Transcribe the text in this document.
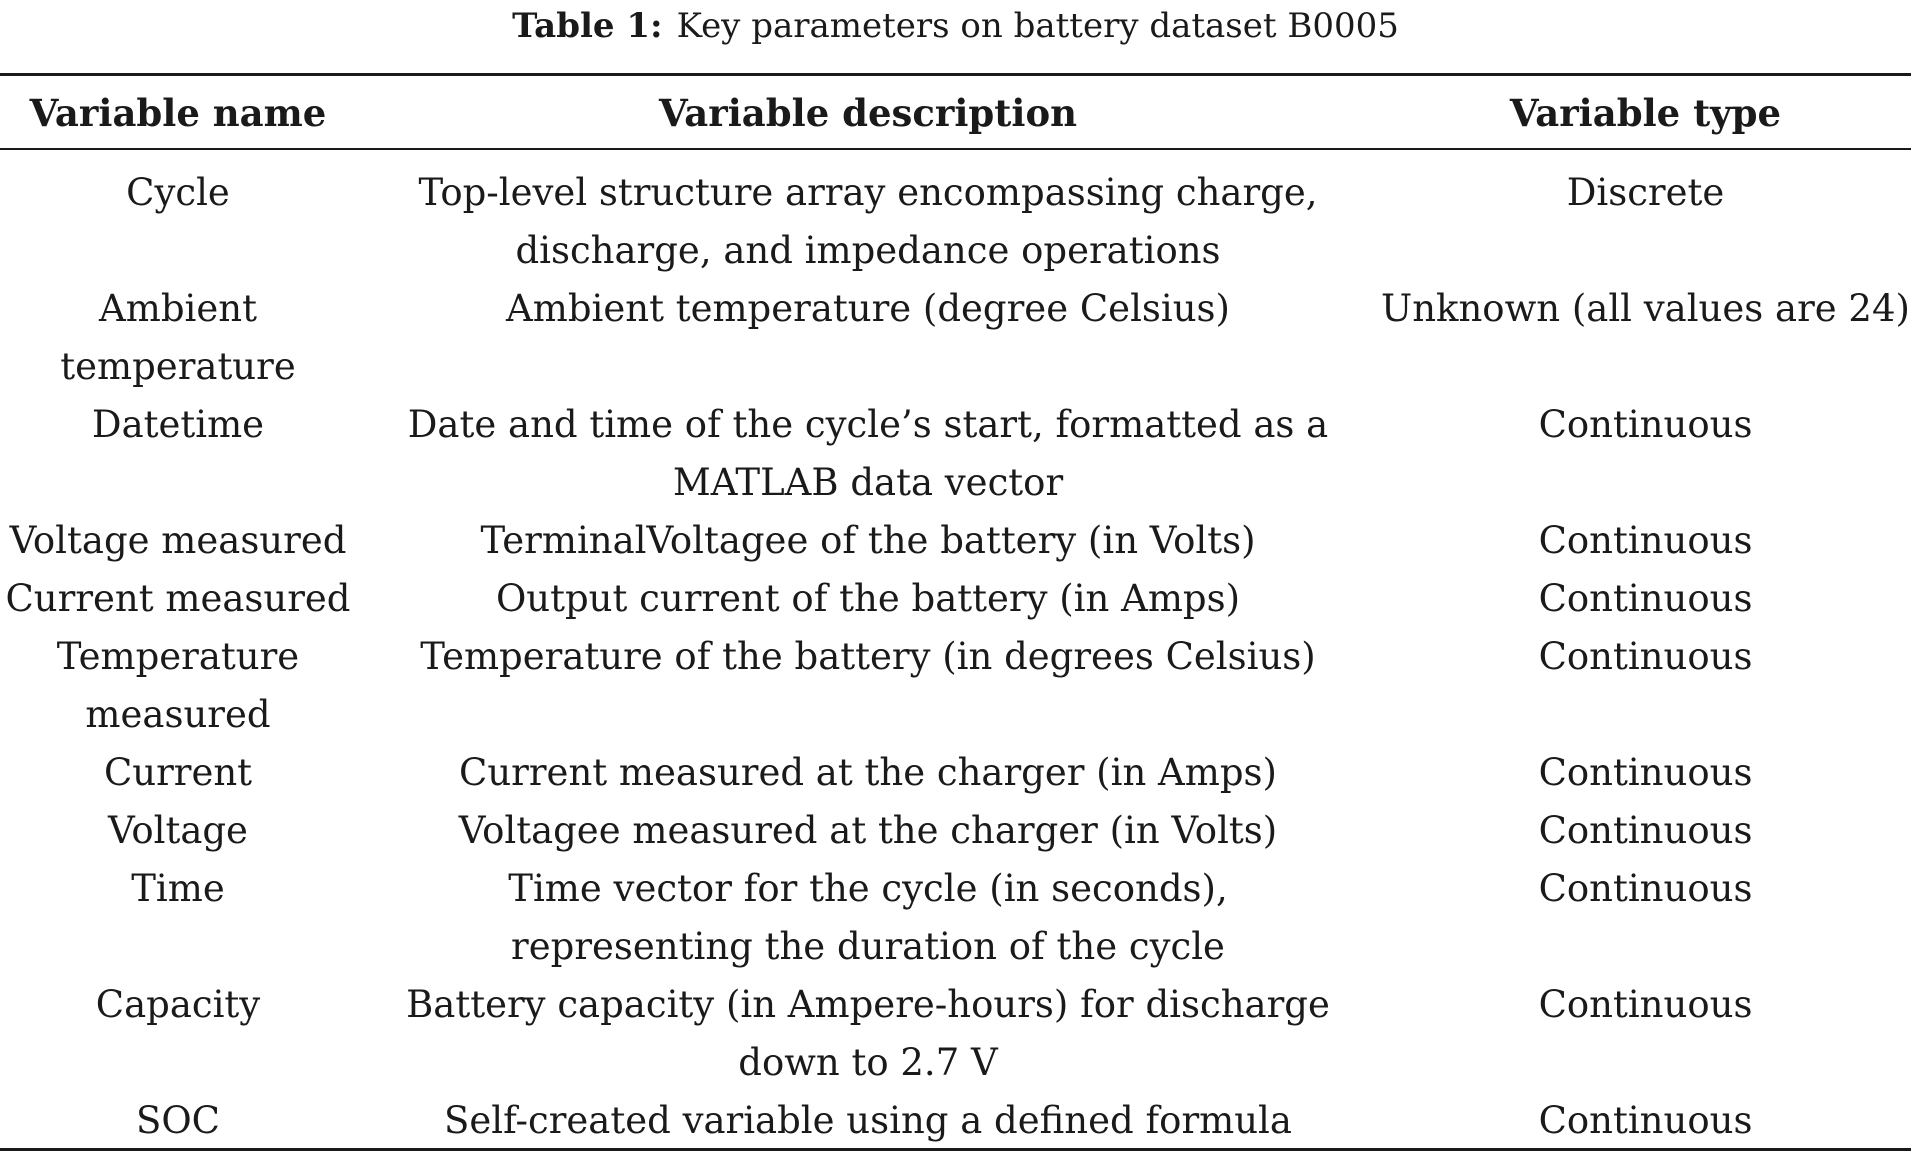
Table 1: Key parameters on battery dataset B0005
Variable name	Variable description	Variable type

Cycle	Top-level structure array encompassing charge,
discharge, and impedance operations	Discrete

Ambient
temperature	Ambient temperature (degree Celsius)	Unknown (all values are 24)

Datetime	Date and time of the cycle’s start, formatted as a
MATLAB data vector	Continuous

Voltage measured	TerminalVoltagee of the battery (in Volts)	Continuous

Current measured	Output current of the battery (in Amps)	Continuous

Temperature
measured	Temperature of the battery (in degrees Celsius)	Continuous

Current	Current measured at the charger (in Amps)	Continuous

Voltage	Voltagee measured at the charger (in Volts)	Continuous

Time	Time vector for the cycle (in seconds),
representing the duration of the cycle	Continuous

Capacity	Battery capacity (in Ampere-hours) for discharge
down to 2.7 V	Continuous

SOC	Self-created variable using a defined formula	Continuous
